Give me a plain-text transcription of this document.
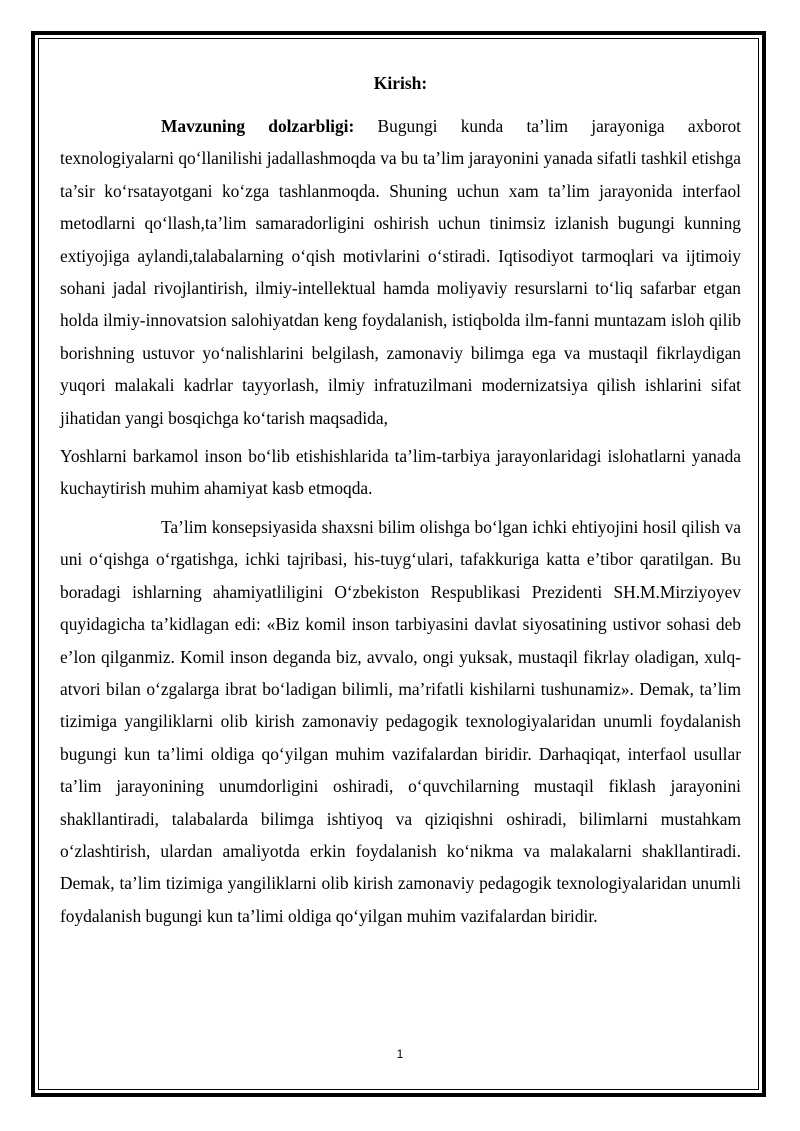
Kirish:

Mavzuning dolzarbligi: Bugungi kunda ta’lim jarayoniga axborot texnologiyalarni qo‘llanilishi jadallashmoqda va bu ta’lim jarayonini yanada sifatli tashkil etishga ta’sir ko‘rsatayotgani ko‘zga tashlanmoqda. Shuning uchun xam ta’lim jarayonida interfaol metodlarni qo‘llash,ta’lim samaradorligini oshirish uchun tinimsiz izlanish bugungi kunning extiyojiga aylandi,talabalarning o‘qish motivlarini o‘stiradi. Iqtisodiyot tarmoqlari va ijtimoiy sohani jadal rivojlantirish, ilmiy-intellektual hamda moliyaviy resurslarni to‘liq safarbar etgan holda ilmiy-innovatsion salohiyatdan keng foydalanish, istiqbolda ilm-fanni muntazam isloh qilib borishning ustuvor yo‘nalishlarini belgilash, zamonaviy bilimga ega va mustaqil fikrlaydigan yuqori malakali kadrlar tayyorlash, ilmiy infratuzilmani modernizatsiya qilish ishlarini sifat jihatidan yangi bosqichga ko‘tarish maqsadida,

Yoshlarni barkamol inson bo‘lib etishishlarida ta’lim-tarbiya jarayonlaridagi islohatlarni yanada kuchaytirish muhim ahamiyat kasb etmoqda.

Ta’lim konsepsiyasida shaxsni bilim olishga bo‘lgan ichki ehtiyojini hosil qilish va uni o‘qishga o‘rgatishga, ichki tajribasi, his-tuyg‘ulari, tafakkuriga katta e’tibor qaratilgan. Bu boradagi ishlarning ahamiyatliligini O‘zbekiston Respublikasi Prezidenti SH.M.Mirziyoyev quyidagicha ta’kidlagan edi: «Biz komil inson tarbiyasini davlat siyosatining ustivor sohasi deb e’lon qilganmiz. Komil inson deganda biz, avvalo, ongi yuksak, mustaqil fikrlay oladigan, xulq-atvori bilan o‘zgalarga ibrat bo‘ladigan bilimli, ma’rifatli kishilarni tushunamiz». Demak, ta’lim tizimiga yangiliklarni olib kirish zamonaviy pedagogik texnologiyalaridan unumli foydalanish bugungi kun ta’limi oldiga qo‘yilgan muhim vazifalardan biridir. Darhaqiqat, interfaol usullar ta’lim jarayonining unumdorligini oshiradi, o‘quvchilarning mustaqil fiklash jarayonini shakllantiradi, talabalarda bilimga ishtiyoq va qiziqishni oshiradi, bilimlarni mustahkam o‘zlashtirish, ulardan amaliyotda erkin foydalanish ko‘nikma va malakalarni shakllantiradi. Demak, ta’lim tizimiga yangiliklarni olib kirish zamonaviy pedagogik texnologiyalaridan unumli foydalanish bugungi kun ta’limi oldiga qo‘yilgan muhim vazifalardan biridir.

1
